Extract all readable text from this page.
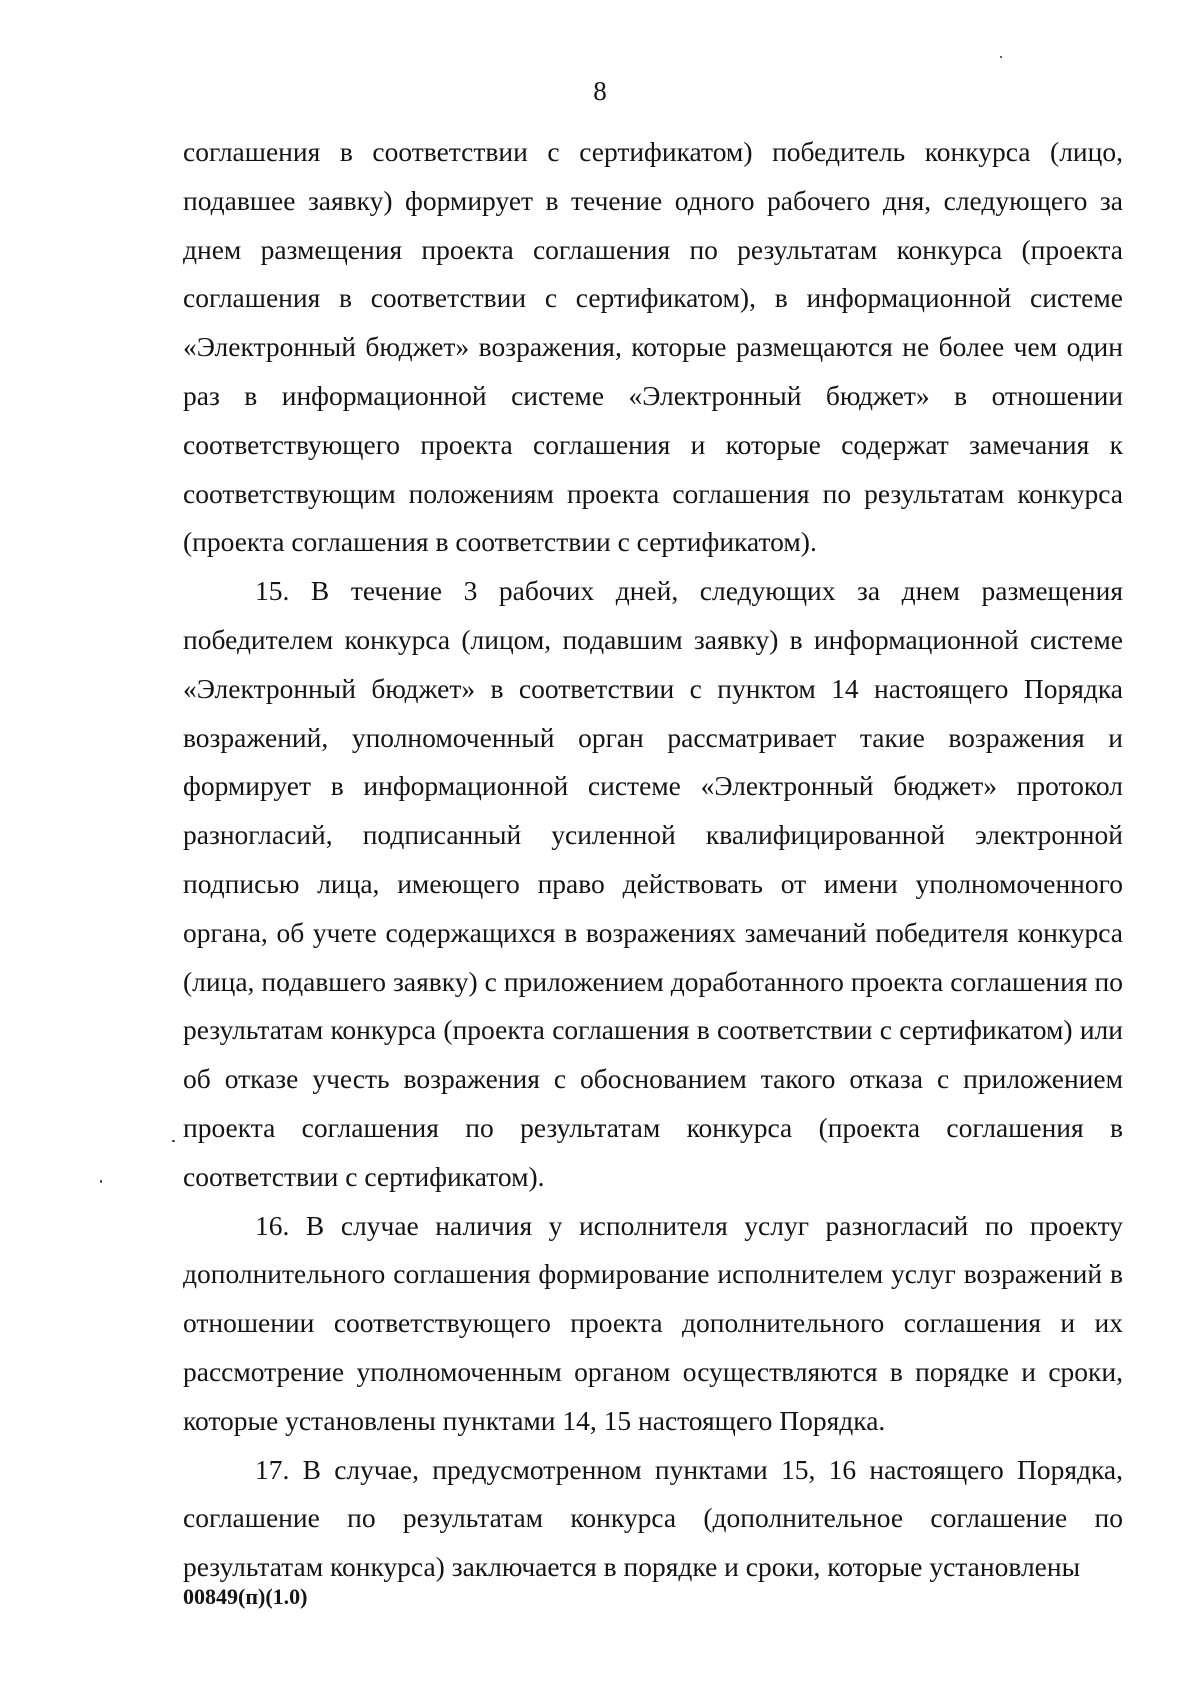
8

соглашения в соответствии с сертификатом) победитель конкурса (лицо, подавшее заявку) формирует в течение одного рабочего дня, следующего за днем размещения проекта соглашения по результатам конкурса (проекта соглашения в соответствии с сертификатом), в информационной системе «Электронный бюджет» возражения, которые размещаются не более чем один раз в информационной системе «Электронный бюджет» в отношении соответствующего проекта соглашения и которые содержат замечания к соответствующим положениям проекта соглашения по результатам конкурса (проекта соглашения в соответствии с сертификатом).

15. В течение 3 рабочих дней, следующих за днем размещения победителем конкурса (лицом, подавшим заявку) в информационной системе «Электронный бюджет» в соответствии с пунктом 14 настоящего Порядка возражений, уполномоченный орган рассматривает такие возражения и формирует в информационной системе «Электронный бюджет» протокол разногласий, подписанный усиленной квалифицированной электронной подписью лица, имеющего право действовать от имени уполномоченного органа, об учете содержащихся в возражениях замечаний победителя конкурса (лица, подавшего заявку) с приложением доработанного проекта соглашения по результатам конкурса (проекта соглашения в соответствии с сертификатом) или об отказе учесть возражения с обоснованием такого отказа с приложением проекта соглашения по результатам конкурса (проекта соглашения в соответствии с сертификатом).

16. В случае наличия у исполнителя услуг разногласий по проекту дополнительного соглашения формирование исполнителем услуг возражений в отношении соответствующего проекта дополнительного соглашения и их рассмотрение уполномоченным органом осуществляются в порядке и сроки, которые установлены пунктами 14, 15 настоящего Порядка.

17. В случае, предусмотренном пунктами 15, 16 настоящего Порядка, соглашение по результатам конкурса (дополнительное соглашение по результатам конкурса) заключается в порядке и сроки, которые установлены

00849(п)(1.0)
